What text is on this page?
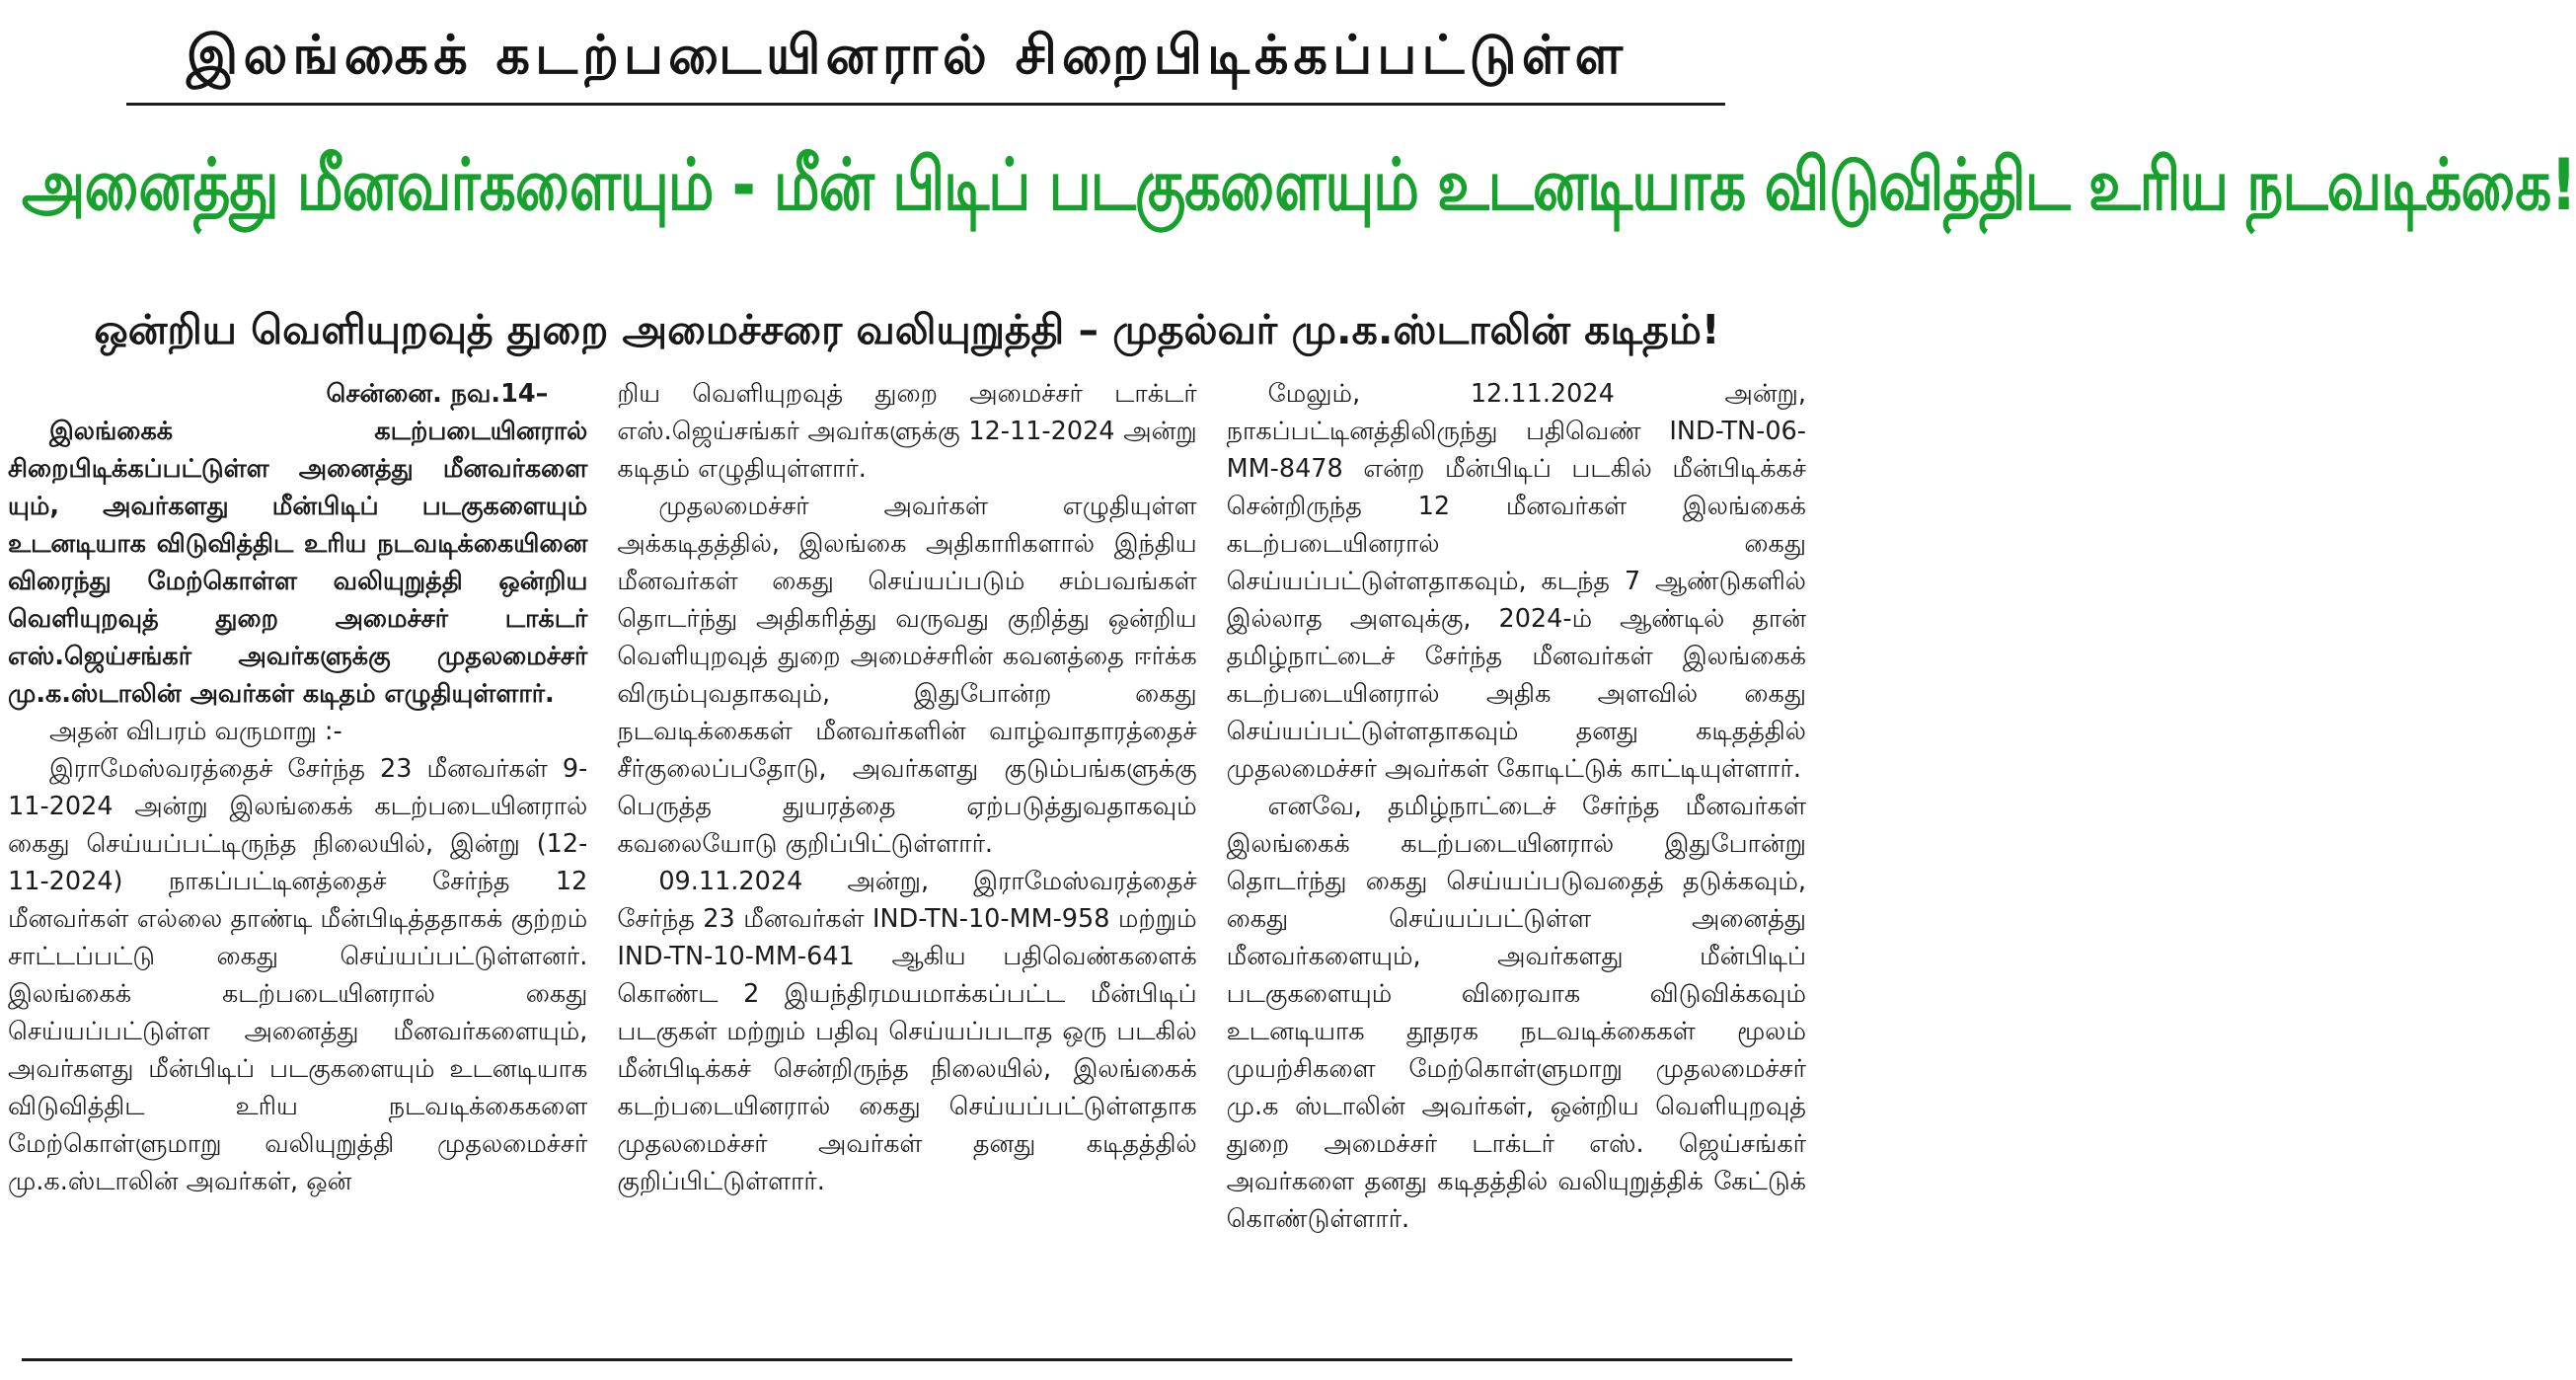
இலங்கைக் கடற்படையினரால் சிறைபிடிக்கப்பட்டுள்ள
அனைத்து மீனவர்களையும் - மீன் பிடிப் படகுகளையும் உடனடியாக விடுவித்திட உரிய நடவடிக்கை!
ஒன்றிய வெளியுறவுத் துறை அமைச்சரை வலியுறுத்தி – முதல்வர் மு.க.ஸ்டாலின் கடிதம்!

சென்னை. நவ.14–

இலங்கைக் கடற்படையினரால் சிறைபிடிக்கப்பட்டுள்ள அனைத்து மீனவர்களை யும், அவர்களது மீன்பிடிப் படகுகளையும் உடனடியாக விடுவித்திட உரிய நடவடிக்கையினை விரைந்து மேற்கொள்ள வலியுறுத்தி ஒன்றிய வெளியுறவுத் துறை அமைச்சர் டாக்டர் எஸ்.ஜெய்சங்கர் அவர்களுக்கு முதலமைச்சர் மு.க.ஸ்டாலின் அவர்கள் கடிதம் எழுதியுள்ளார்.

அதன் விபரம் வருமாறு :-

இராமேஸ்வரத்தைச் சேர்ந்த 23 மீனவர்கள் 9-11-2024 அன்று இலங்கைக் கடற்படையினரால் கைது செய்யப்பட்டிருந்த நிலையில், இன்று (12-11-2024) நாகப்பட்டினத்தைச் சேர்ந்த 12 மீனவர்கள் எல்லை தாண்டி மீன்பிடித்ததாகக் குற்றம் சாட்டப்பட்டு கைது செய்யப்பட்டுள்ளனர். இலங்கைக் கடற்படையினரால் கைது செய்யப்பட்டுள்ள அனைத்து மீனவர்களையும், அவர்களது மீன்பிடிப் படகுகளையும் உடனடியாக விடுவித்திட உரிய நடவடிக்கைகளை மேற்கொள்ளுமாறு வலியுறுத்தி முதலமைச்சர் மு.க.ஸ்டாலின் அவர்கள், ஒன்

றிய வெளியுறவுத் துறை அமைச்சர் டாக்டர் எஸ்.ஜெய்சங்கர் அவர்களுக்கு 12-11-2024 அன்று கடிதம் எழுதியுள்ளார்.

முதலமைச்சர் அவர்கள் எழுதியுள்ள அக்கடிதத்தில், இலங்கை அதிகாரிகளால் இந்திய மீனவர்கள் கைது செய்யப்படும் சம்பவங்கள் தொடர்ந்து அதிகரித்து வருவது குறித்து ஒன்றிய வெளியுறவுத் துறை அமைச்சரின் கவனத்தை ஈர்க்க விரும்புவதாகவும், இதுபோன்ற கைது நடவடிக்கைகள் மீனவர்களின் வாழ்வாதாரத்தைச் சீர்குலைப்பதோடு, அவர்களது குடும்பங்களுக்கு பெருத்த துயரத்தை ஏற்படுத்துவதாகவும் கவலையோடு குறிப்பிட்டுள்ளார்.

09.11.2024 அன்று, இராமேஸ்வரத்தைச் சேர்ந்த 23 மீனவர்கள் IND-TN-10-MM-958 மற்றும் IND-TN-10-MM-641 ஆகிய பதிவெண்களைக் கொண்ட 2 இயந்திரமயமாக்கப்பட்ட மீன்பிடிப் படகுகள் மற்றும் பதிவு செய்யப்படாத ஒரு படகில் மீன்பிடிக்கச் சென்றிருந்த நிலையில், இலங்கைக் கடற்படையினரால் கைது செய்யப்பட்டுள்ளதாக முதலமைச்சர் அவர்கள் தனது கடிதத்தில் குறிப்பிட்டுள்ளார்.

மேலும், 12.11.2024 அன்று, நாகப்பட்டினத்திலிருந்து பதிவெண் IND-TN-06-MM-8478 என்ற மீன்பிடிப் படகில் மீன்பிடிக்கச் சென்றிருந்த 12 மீனவர்கள் இலங்கைக் கடற்படையினரால் கைது செய்யப்பட்டுள்ளதாகவும், கடந்த 7 ஆண்டுகளில் இல்லாத அளவுக்கு, 2024-ம் ஆண்டில் தான் தமிழ்நாட்டைச் சேர்ந்த மீனவர்கள் இலங்கைக் கடற்படையினரால் அதிக அளவில் கைது செய்யப்பட்டுள்ளதாகவும் தனது கடிதத்தில் முதலமைச்சர் அவர்கள் கோடிட்டுக் காட்டியுள்ளார்.

எனவே, தமிழ்நாட்டைச் சேர்ந்த மீனவர்கள் இலங்கைக் கடற்படையினரால் இதுபோன்று தொடர்ந்து கைது செய்யப்படுவதைத் தடுக்கவும், கைது செய்யப்பட்டுள்ள அனைத்து மீனவர்களையும், அவர்களது மீன்பிடிப் படகுகளையும் விரைவாக விடுவிக்கவும் உடனடியாக தூதரக நடவடிக்கைகள் மூலம் முயற்சிகளை மேற்கொள்ளுமாறு முதலமைச்சர் மு.க ஸ்டாலின் அவர்கள், ஒன்றிய வெளியுறவுத் துறை அமைச்சர் டாக்டர் எஸ். ஜெய்சங்கர் அவர்களை தனது கடிதத்தில் வலியுறுத்திக் கேட்டுக் கொண்டுள்ளார்.
